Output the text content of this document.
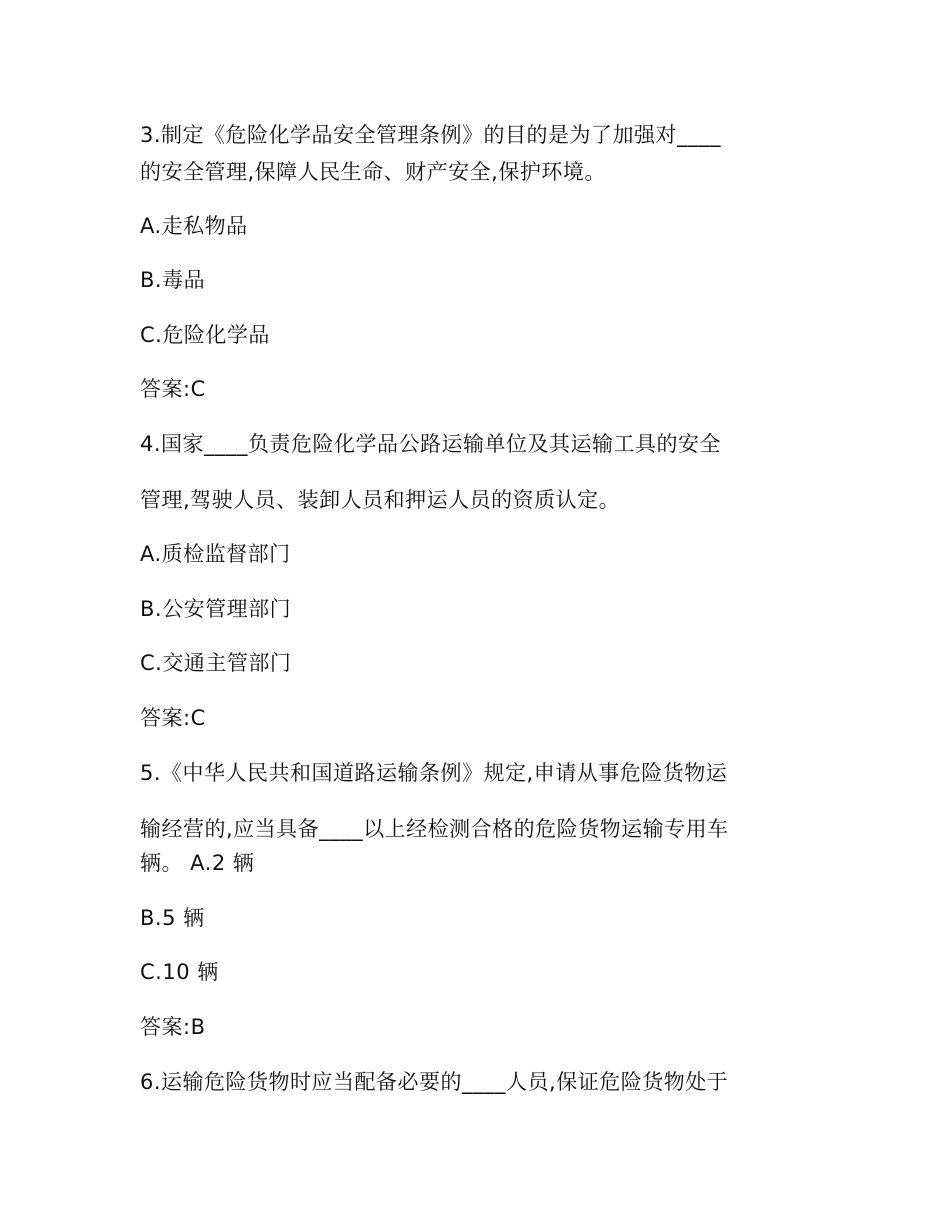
3.制定《危险化学品安全管理条例》的目的是为了加强对____
的安全管理,保障人民生命、财产安全,保护环境。
A.走私物品
B.毒品
C.危险化学品
答案:C
4.国家____负责危险化学品公路运输单位及其运输工具的安全
管理,驾驶人员、装卸人员和押运人员的资质认定。
A.质检监督部门
B.公安管理部门
C.交通主管部门
答案:C
5.《中华人民共和国道路运输条例》规定,申请从事危险货物运
输经营的,应当具备____以上经检测合格的危险货物运输专用车
辆。 A.2 辆
B.5 辆
C.10 辆
答案:B
6.运输危险货物时应当配备必要的____人员,保证危险货物处于
